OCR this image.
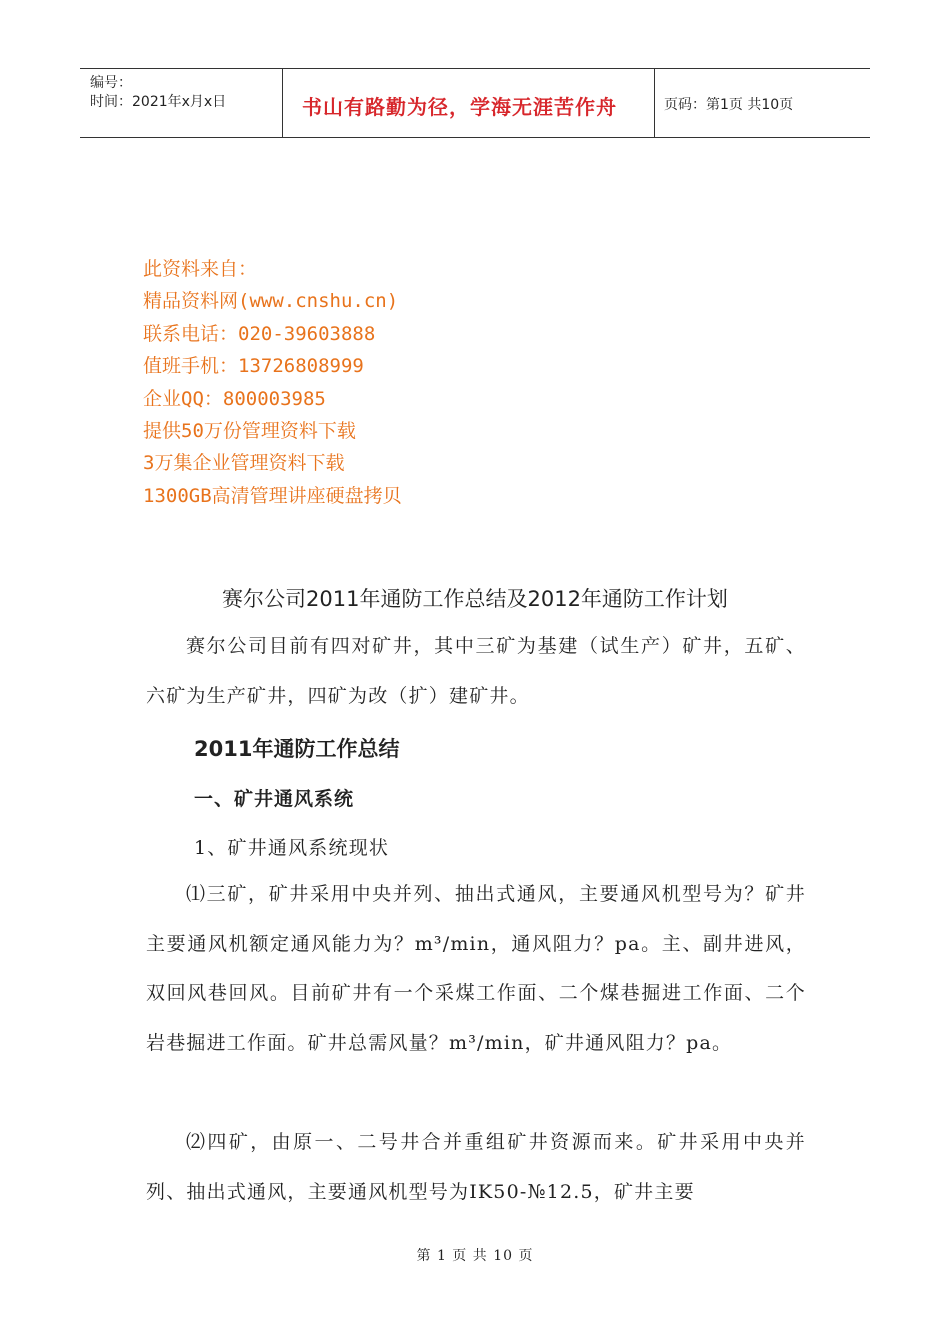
编号：
时间：2021年x月x日	书山有路勤为径，学海无涯苦作舟	页码：第1页 共10页
此资料来自：
精品资料网(www.cnshu.cn)
联系电话：020-39603888
值班手机：13726808999
企业QQ：800003985
提供50万份管理资料下载
3万集企业管理资料下载
1300GB高清管理讲座硬盘拷贝
赛尔公司2011年通防工作总结及2012年通防工作计划
赛尔公司目前有四对矿井，其中三矿为基建（试生产）矿井，五矿、六矿为生产矿井，四矿为改（扩）建矿井。
2011年通防工作总结
一、矿井通风系统
1、矿井通风系统现状
⑴三矿，矿井采用中央并列、抽出式通风，主要通风机型号为？矿井主要通风机额定通风能力为？m³/min，通风阻力？pa。主、副井进风，双回风巷回风。目前矿井有一个采煤工作面、二个煤巷掘进工作面、二个岩巷掘进工作面。矿井总需风量？m³/min，矿井通风阻力？pa。
⑵四矿，由原一、二号井合并重组矿井资源而来。矿井采用中央并列、抽出式通风，主要通风机型号为IK50-№12.5，矿井主要
第 1 页 共 10 页
